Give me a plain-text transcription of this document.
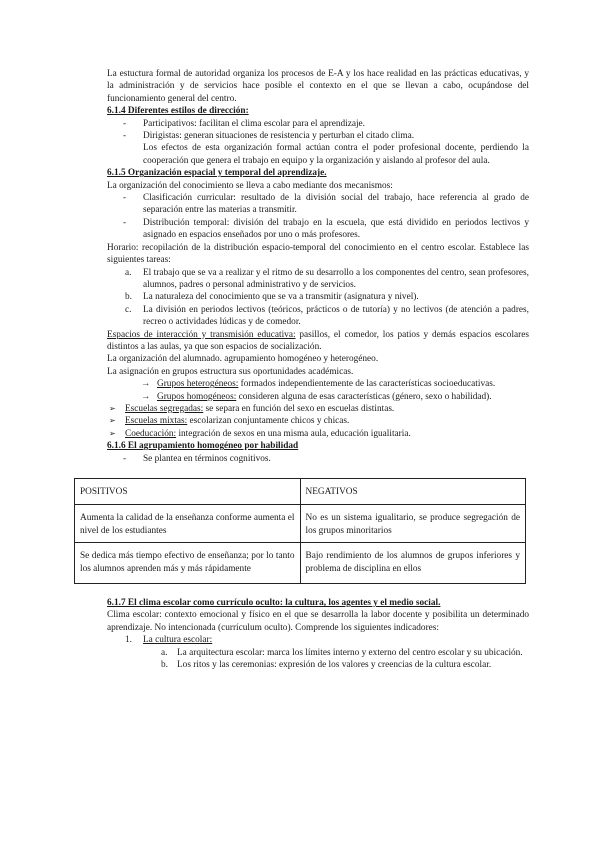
La estuctura formal de autoridad organiza los procesos de E-A y los hace realidad en las prácticas educativas, y la administración y de servicios hace posible el contexto en el que se llevan a cabo, ocupándose del funcionamiento general del centro.

6.1.4 Diferentes estilos de dirección:

- Participativos: facilitan el clima escolar para el aprendizaje.
- Dirigistas: generan situaciones de resistencia y perturban el citado clima.

Los efectos de esta organización formal actúan contra el poder profesional docente, perdiendo la cooperación que genera el trabajo en equipo y la organización y aislando al profesor del aula.

6.1.5 Organización espacial y temporal del aprendizaje.

La organización del conocimiento se lleva a cabo mediante dos mecanismos:

- Clasificación curricular: resultado de la división social del trabajo, hace referencia al grado de separación entre las materias a transmitir.
- Distribución temporal: división del trabajo en la escuela, que está dividido en periodos lectivos y asignado en espacios enseñados por uno o más profesores.

Horario: recopilación de la distribución espacio-temporal del conocimiento en el centro escolar. Establece las siguientes tareas:

a. El trabajo que se va a realizar y el ritmo de su desarrollo a los componentes del centro, sean profesores, alumnos, padres o personal administrativo y de servicios.
b. La naturaleza del conocimiento que se va a transmitir (asignatura y nivel).
c. La división en periodos lectivos (teóricos, prácticos o de tutoría) y no lectivos (de atención a padres, recreo o actividades lúdicas y de comedor.

Espacios de interacción y transmisión educativa: pasillos, el comedor, los patios y demás espacios escolares distintos a las aulas, ya que son espacios de socialización.

La organización del alumnado. agrupamiento homogéneo y heterogéneo.

La asignación en grupos estructura sus oportunidades académicas.

→ Grupos heterogéneos: formados independientemente de las características socioeducativas.
→ Grupos homogéneos: consideren alguna de esas características (género, sexo o habilidad).
➢ Escuelas segregadas: se separa en función del sexo en escuelas distintas.
➢ Escuelas mixtas: escolarizan conjuntamente chicos y chicas.
➢ Coeducación: integración de sexos en una misma aula, educación igualitaria.

6.1.6 El agrupamiento homogéneo por habilidad

- Se plantea en términos cognitivos.
POSITIVOS	NEGATIVOS
Aumenta la calidad de la enseñanza conforme aumenta el nivel de los estudiantes	No es un sistema igualitario, se produce segregación de los grupos minoritarios
Se dedica más tiempo efectivo de enseñanza; por lo tanto los alumnos aprenden más y más rápidamente	Bajo rendimiento de los alumnos de grupos inferiores y problema de disciplina en ellos

6.1.7 El clima escolar como currículo oculto: la cultura, los agentes y el medio social.

Clima escolar: contexto emocional y físico en el que se desarrolla la labor docente y posibilita un determinado aprendizaje. No intencionada (currículum oculto). Comprende los siguientes indicadores:

1. La cultura escolar:
a. La arquitectura escolar: marca los límites interno y externo del centro escolar y su ubicación.
b. Los ritos y las ceremonias: expresión de los valores y creencias de la cultura escolar.
